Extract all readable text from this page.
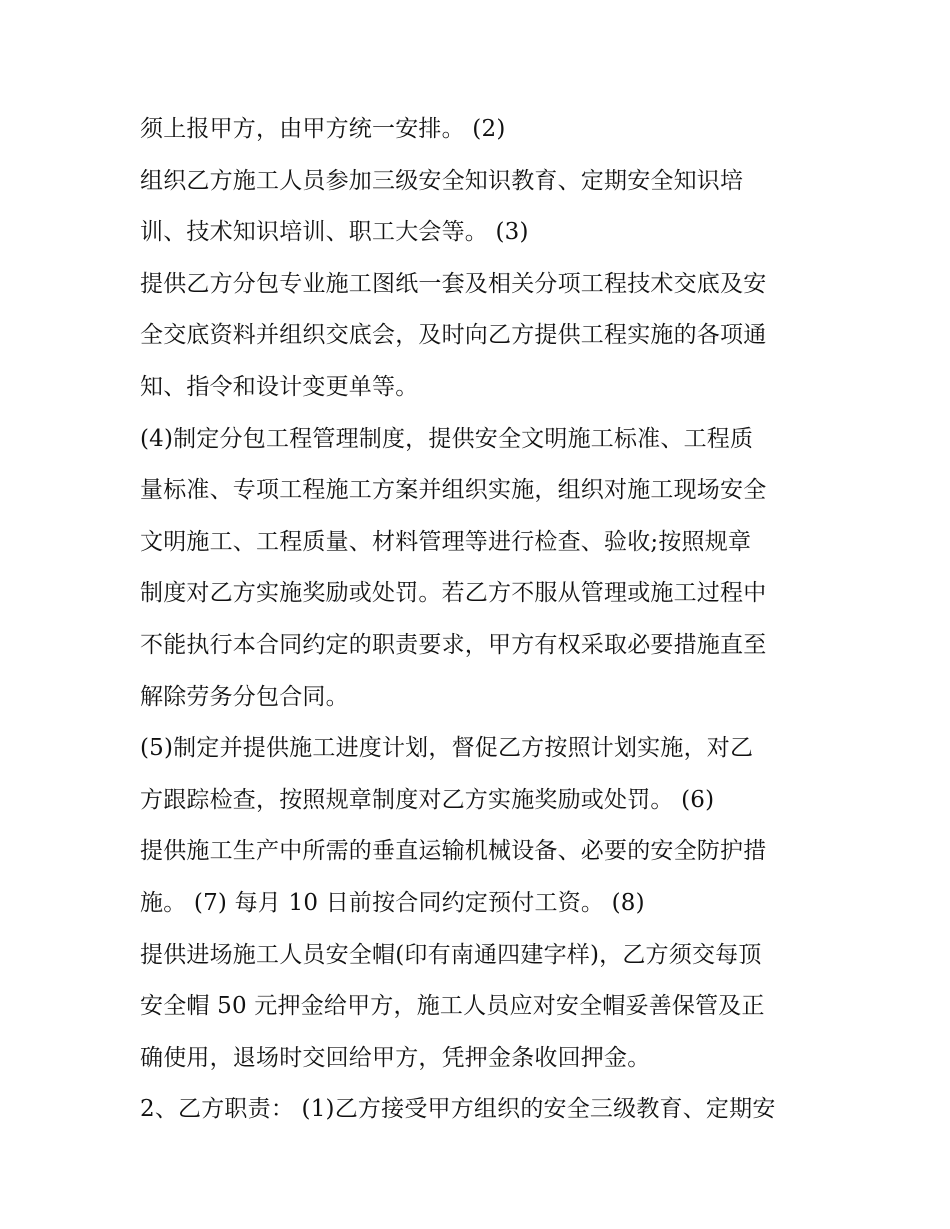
须上报甲方，由甲方统一安排。 (2)
组织乙方施工人员参加三级安全知识教育、定期安全知识培
训、技术知识培训、职工大会等。 (3)
提供乙方分包专业施工图纸一套及相关分项工程技术交底及安
全交底资料并组织交底会，及时向乙方提供工程实施的各项通
知、指令和设计变更单等。
(4)制定分包工程管理制度，提供安全文明施工标准、工程质
量标准、专项工程施工方案并组织实施，组织对施工现场安全
文明施工、工程质量、材料管理等进行检查、验收;按照规章
制度对乙方实施奖励或处罚。若乙方不服从管理或施工过程中
不能执行本合同约定的职责要求，甲方有权采取必要措施直至
解除劳务分包合同。
(5)制定并提供施工进度计划，督促乙方按照计划实施，对乙
方跟踪检查，按照规章制度对乙方实施奖励或处罚。 (6)
提供施工生产中所需的垂直运输机械设备、必要的安全防护措
施。 (7) 每月 10 日前按合同约定预付工资。 (8)
提供进场施工人员安全帽(印有南通四建字样)，乙方须交每顶
安全帽 50 元押金给甲方，施工人员应对安全帽妥善保管及正
确使用，退场时交回给甲方，凭押金条收回押金。
2、乙方职责： (1)乙方接受甲方组织的安全三级教育、定期安
